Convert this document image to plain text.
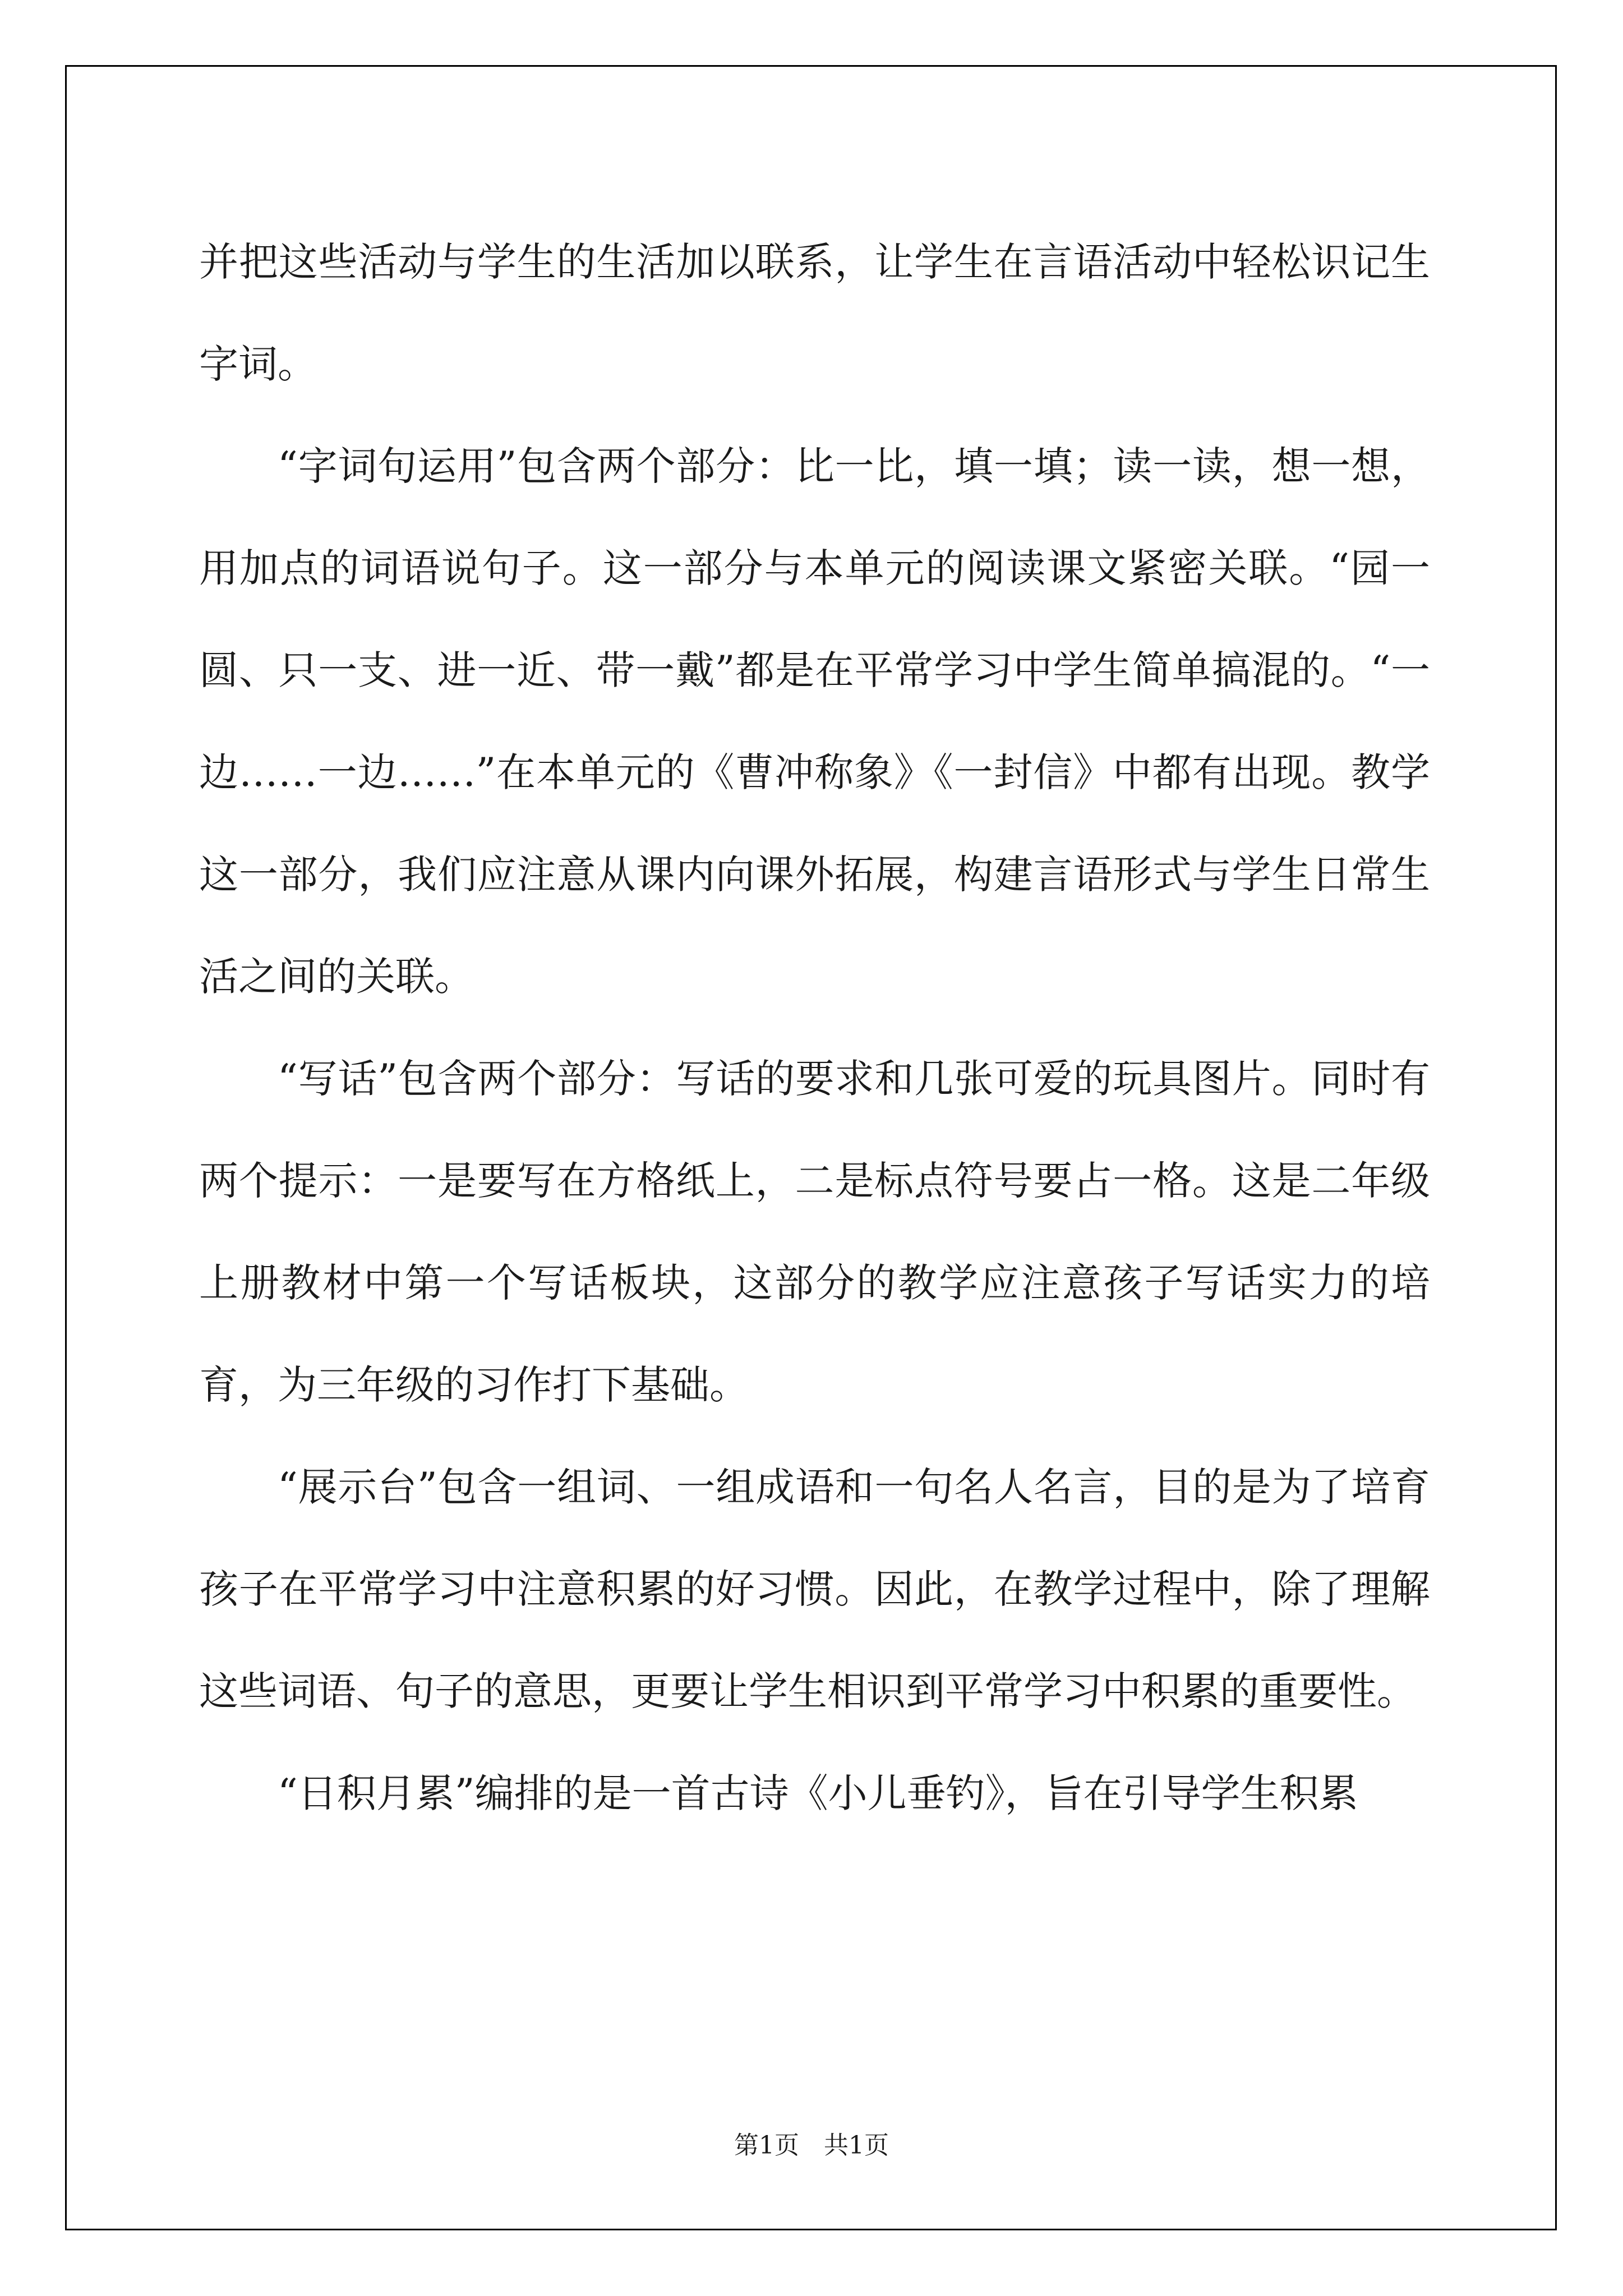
并把这些活动与学生的生活加以联系，让学生在言语活动中轻松识记生字词。

“字词句运用”包含两个部分：比一比，填一填；读一读，想一想，用加点的词语说句子。这一部分与本单元的阅读课文紧密关联。“园一圆、只一支、进一近、带一戴”都是在平常学习中学生简单搞混的。“一边……一边……”在本单元的《曹冲称象》《一封信》中都有出现。教学这一部分，我们应注意从课内向课外拓展，构建言语形式与学生日常生活之间的关联。

“写话”包含两个部分：写话的要求和几张可爱的玩具图片。同时有两个提示：一是要写在方格纸上，二是标点符号要占一格。这是二年级上册教材中第一个写话板块，这部分的教学应注意孩子写话实力的培育，为三年级的习作打下基础。

“展示台”包含一组词、一组成语和一句名人名言，目的是为了培育孩子在平常学习中注意积累的好习惯。因此，在教学过程中，除了理解这些词语、句子的意思，更要让学生相识到平常学习中积累的重要性。

“日积月累”编排的是一首古诗《小儿垂钓》，旨在引导学生积累

第1页　共1页
